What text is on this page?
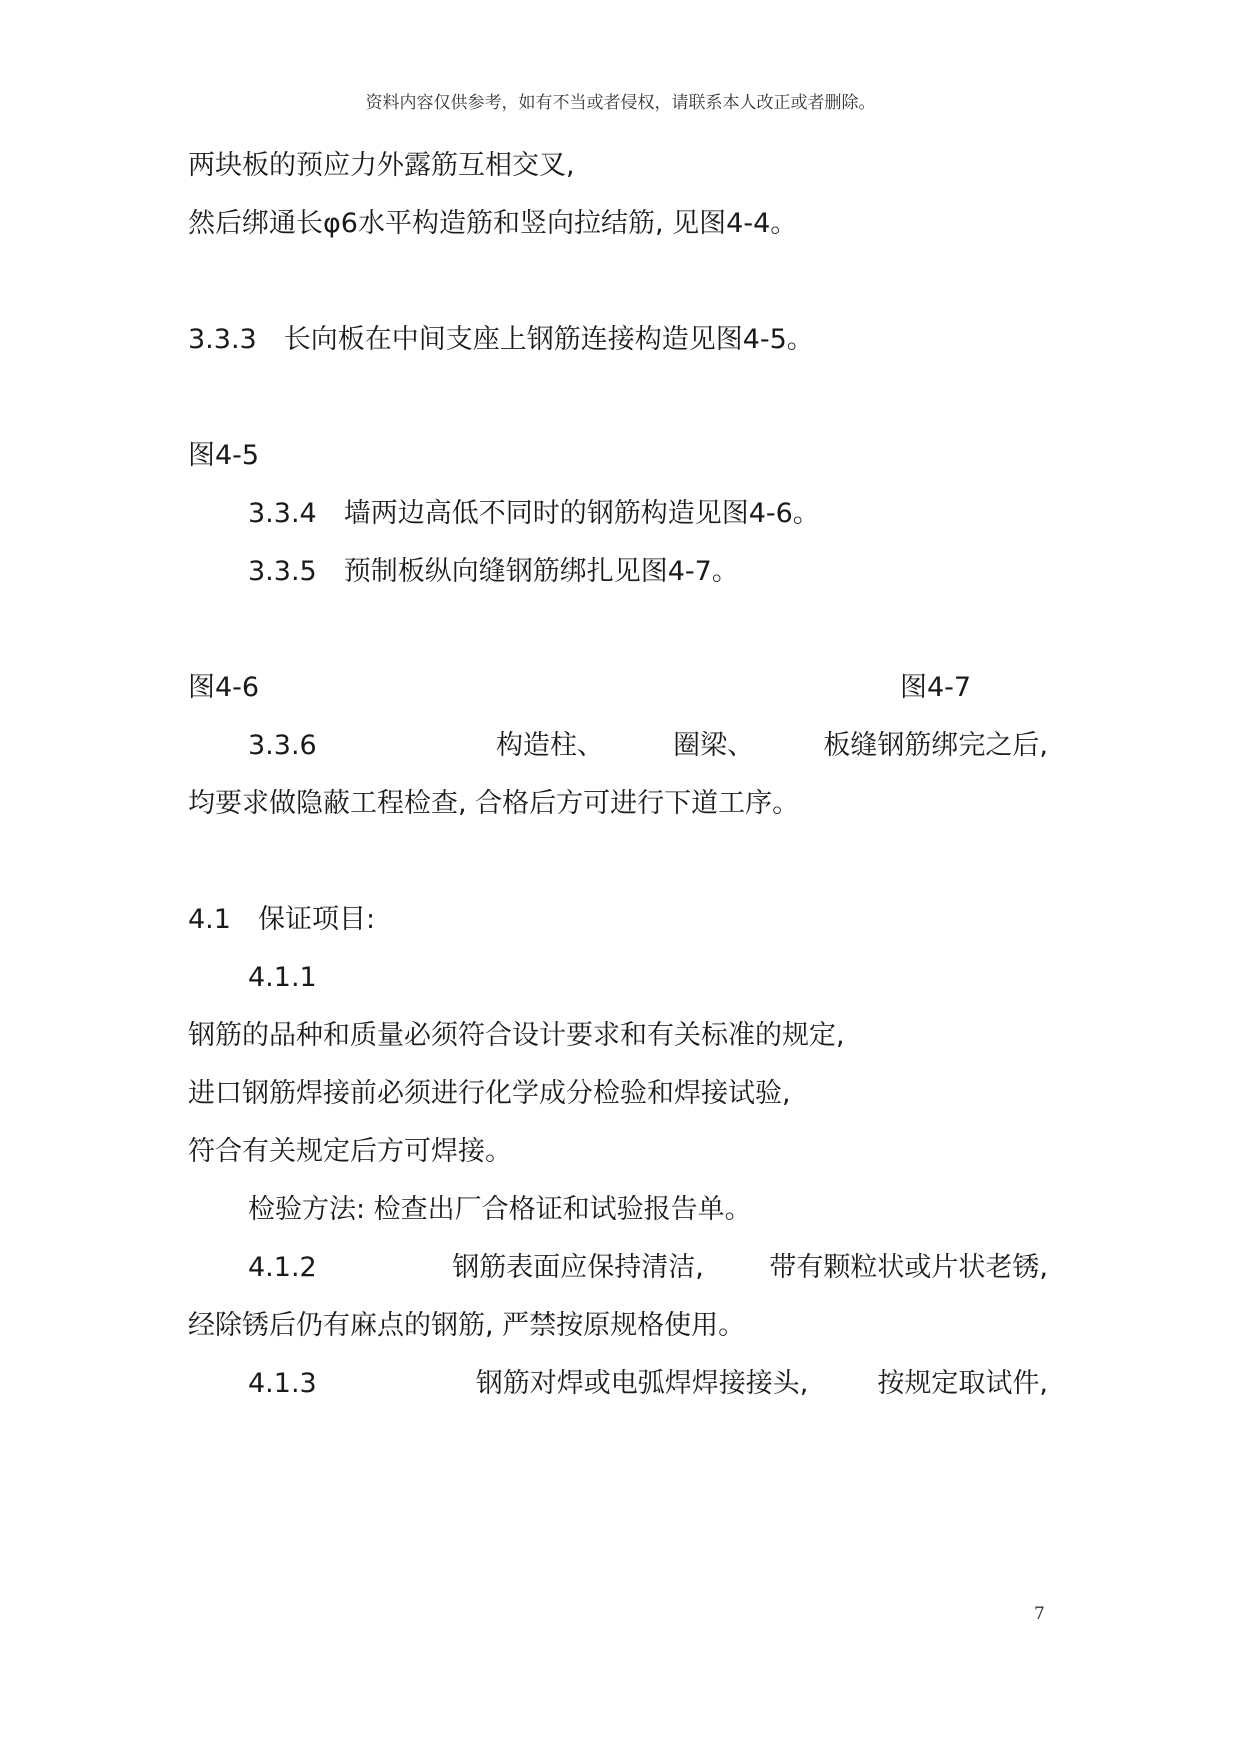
资料内容仅供参考，如有不当或者侵权，请联系本人改正或者删除。
两块板的预应力外露筋互相交叉,
然后绑通长φ6水平构造筋和竖向拉结筋, 见图4-4。
3.3.3　长向板在中间支座上钢筋连接构造见图4-5。
图4-5
3.3.4　墙两边高低不同时的钢筋构造见图4-6。
3.3.5　预制板纵向缝钢筋绑扎见图4-7。
图4-6	图4-7
3.3.6	构造柱、	圈梁、	板缝钢筋绑完之后,
均要求做隐蔽工程检查, 合格后方可进行下道工序。
4.1　保证项目:
4.1.1
钢筋的品种和质量必须符合设计要求和有关标准的规定,
进口钢筋焊接前必须进行化学成分检验和焊接试验,
符合有关规定后方可焊接。
检验方法: 检查出厂合格证和试验报告单。
4.1.2	钢筋表面应保持清洁, 带有颗粒状或片状老锈,
经除锈后仍有麻点的钢筋, 严禁按原规格使用。
4.1.3	钢筋对焊或电弧焊焊接接头,	按规定取试件,
7
